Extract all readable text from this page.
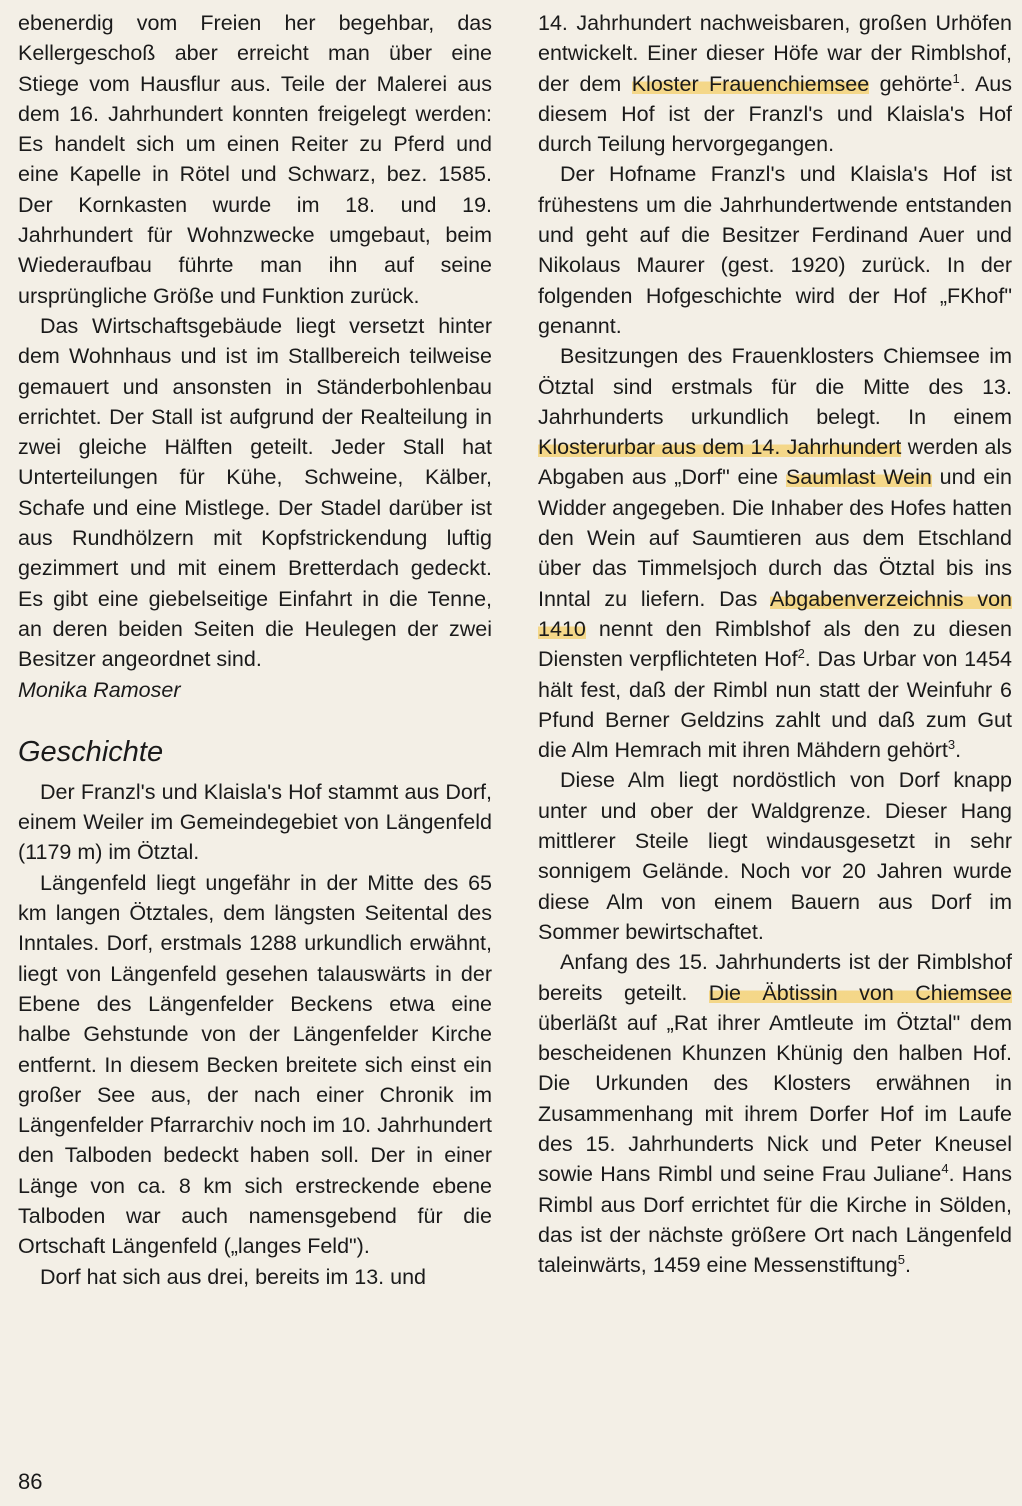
ebenerdig vom Freien her begehbar, das Kellergeschoß aber erreicht man über eine Stiege vom Hausflur aus. Teile der Malerei aus dem 16. Jahrhundert konnten freigelegt werden: Es handelt sich um einen Reiter zu Pferd und eine Kapelle in Rötel und Schwarz, bez. 1585. Der Kornkasten wurde im 18. und 19. Jahrhundert für Wohnzwecke umgebaut, beim Wiederaufbau führte man ihn auf seine ursprüngliche Größe und Funktion zurück.

Das Wirtschaftsgebäude liegt versetzt hinter dem Wohnhaus und ist im Stallbereich teilweise gemauert und ansonsten in Ständerbohlenbau errichtet. Der Stall ist aufgrund der Realteilung in zwei gleiche Hälften geteilt. Jeder Stall hat Unterteilungen für Kühe, Schweine, Kälber, Schafe und eine Mistlege. Der Stadel darüber ist aus Rundhölzern mit Kopfstrickendung luftig gezimmert und mit einem Bretterdach gedeckt. Es gibt eine giebelseitige Einfahrt in die Tenne, an deren beiden Seiten die Heulegen der zwei Besitzer angeordnet sind.

Monika Ramoser

Geschichte

Der Franzl's und Klaisla's Hof stammt aus Dorf, einem Weiler im Gemeindegebiet von Längenfeld (1179 m) im Ötztal.

Längenfeld liegt ungefähr in der Mitte des 65 km langen Ötztales, dem längsten Seitental des Inntales. Dorf, erstmals 1288 urkundlich erwähnt, liegt von Längenfeld gesehen talauswärts in der Ebene des Längenfelder Beckens etwa eine halbe Gehstunde von der Längenfelder Kirche entfernt. In diesem Becken breitete sich einst ein großer See aus, der nach einer Chronik im Längenfelder Pfarrarchiv noch im 10. Jahrhundert den Talboden bedeckt haben soll. Der in einer Länge von ca. 8 km sich erstreckende ebene Talboden war auch namensgebend für die Ortschaft Längenfeld („langes Feld").

Dorf hat sich aus drei, bereits im 13. und

14. Jahrhundert nachweisbaren, großen Urhöfen entwickelt. Einer dieser Höfe war der Rimblshof, der dem Kloster Frauenchiemsee gehörte$^1$. Aus diesem Hof ist der Franzl's und Klaisla's Hof durch Teilung hervorgegangen.

Der Hofname Franzl's und Klaisla's Hof ist frühestens um die Jahrhundertwende entstanden und geht auf die Besitzer Ferdinand Auer und Nikolaus Maurer (gest. 1920) zurück. In der folgenden Hofgeschichte wird der Hof „FKhof" genannt.

Besitzungen des Frauenklosters Chiemsee im Ötztal sind erstmals für die Mitte des 13. Jahrhunderts urkundlich belegt. In einem Klosterurbar aus dem 14. Jahrhundert werden als Abgaben aus „Dorf" eine Saumlast Wein und ein Widder angegeben. Die Inhaber des Hofes hatten den Wein auf Saumtieren aus dem Etschland über das Timmelsjoch durch das Ötztal bis ins Inntal zu liefern. Das Abgabenverzeichnis von 1410 nennt den Rimblshof als den zu diesen Diensten verpflichteten Hof$^2$. Das Urbar von 1454 hält fest, daß der Rimbl nun statt der Weinfuhr 6 Pfund Berner Geldzins zahlt und daß zum Gut die Alm Hemrach mit ihren Mähdern gehört$^3$.

Diese Alm liegt nordöstlich von Dorf knapp unter und ober der Waldgrenze. Dieser Hang mittlerer Steile liegt windausgesetzt in sehr sonnigem Gelände. Noch vor 20 Jahren wurde diese Alm von einem Bauern aus Dorf im Sommer bewirtschaftet.

Anfang des 15. Jahrhunderts ist der Rimblshof bereits geteilt. Die Äbtissin von Chiemsee überläßt auf „Rat ihrer Amtleute im Ötztal" dem bescheidenen Khunzen Khünig den halben Hof. Die Urkunden des Klosters erwähnen in Zusammenhang mit ihrem Dorfer Hof im Laufe des 15. Jahrhunderts Nick und Peter Kneusel sowie Hans Rimbl und seine Frau Juliane$^4$. Hans Rimbl aus Dorf errichtet für die Kirche in Sölden, das ist der nächste größere Ort nach Längenfeld taleinwärts, 1459 eine Messenstiftung$^5$.

86
